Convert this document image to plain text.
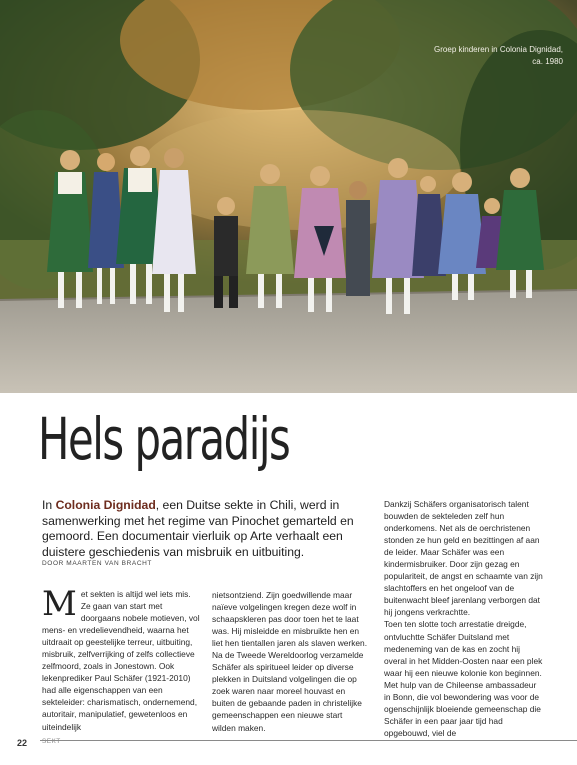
Groep kinderen in Colonia Dignidad, ca. 1980
Hels paradijs
In Colonia Dignidad, een Duitse sekte in Chili, werd in samenwerking met het regime van Pinochet gemarteld en gemoord. Een documentair vierluik op Arte verhaalt een duistere geschiedenis van misbruik en uitbuiting.
DOOR MAARTEN VAN BRACHT
Met sekten is altijd wel iets mis. Ze gaan van start met doorgaans nobele motieven, vol mens- en vredelievendheid, waarna het uitdraait op geestelijke terreur, uitbuiting, misbruik, zelfverrijking of zelfs collectieve zelfmoord, zoals in Jonestown. Ook lekenprediker Paul Schäfer (1921-2010) had alle eigenschappen van een sekteleider: charismatisch, ondernemend, autoritair, manipulatief, gewetenloos en uiteindelijk
nietsontziend. Zijn goedwillende maar naïeve volgelingen kregen deze wolf in schaapskleren pas door toen het te laat was. Hij misleidde en misbruikte hen en liet hen tientallen jaren als slaven werken. Na de Tweede Wereldoorlog verzamelde Schäfer als spiritueel leider op diverse plekken in Duitsland volgelingen die op zoek waren naar moreel houvast en buiten de gebaande paden in christelijke gemeenschappen een nieuwe start wilden maken.

Dankzij Schäfers organisatorisch talent bouwden de sekteleden zelf hun onderkomens. Net als de oerchristenen stonden ze hun geld en bezittingen af aan de leider. Maar Schäfer was een kindermisbruiker. Door zijn gezag en populariteit, de angst en schaamte van zijn slachtoffers en het ongeloof van de buitenwacht bleef jarenlang verborgen dat hij jongens verkrachtte.

Toen ten slotte toch arrestatie dreigde, ontvluchtte Schäfer Duitsland met medeneming van de kas en zocht hij overal in het Midden-Oosten naar een plek waar hij een nieuwe kolonie kon beginnen. Met hulp van de Chileense ambassadeur in Bonn, die vol bewondering was voor de ogenschijnlijk bloeiende gemeenschap die Schäfer in een paar jaar tijd had opgebouwd, viel de

22	SEKT
